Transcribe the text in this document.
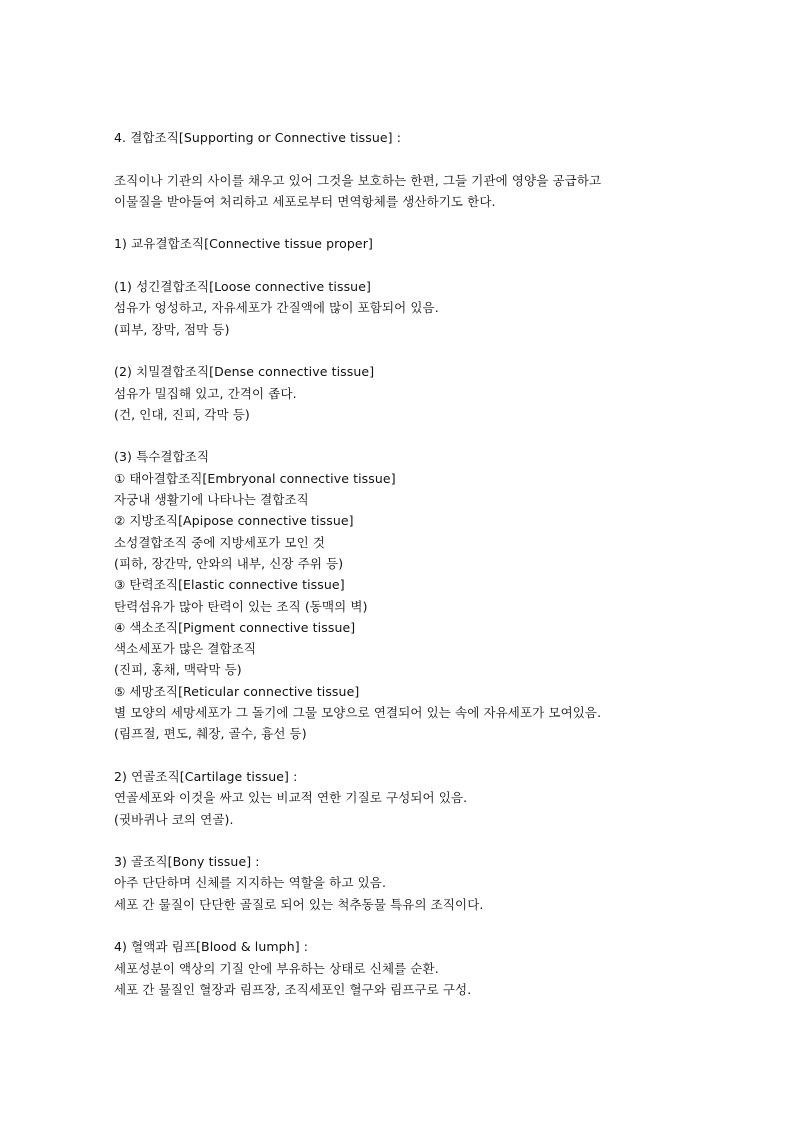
4. 결합조직[Supporting or Connective tissue] :
조직이나 기관의 사이를 채우고 있어 그것을 보호하는 한편, 그들 기관에 영양을 공급하고
이물질을 받아들여 처리하고 세포로부터 면역항체를 생산하기도 한다.
1) 교유결합조직[Connective tissue proper]
(1) 성긴결합조직[Loose connective tissue]
섬유가 엉성하고, 자유세포가 간질액에 많이 포함되어 있음.
(피부, 장막, 점막 등)
(2) 치밀결합조직[Dense connective tissue]
섬유가 밀집해 있고, 간격이 좁다.
(건, 인대, 진피, 각막 등)
(3) 특수결합조직
① 태아결합조직[Embryonal connective tissue]
자궁내 생활기에 나타나는 결합조직
② 지방조직[Apipose connective tissue]
소성결합조직 중에 지방세포가 모인 것
(피하, 장간막, 안와의 내부, 신장 주위 등)
③ 탄력조직[Elastic connective tissue]
탄력섬유가 많아 탄력이 있는 조직 (동맥의 벽)
④ 색소조직[Pigment connective tissue]
색소세포가 많은 결합조직
(진피, 홍채, 맥락막 등)
⑤ 세망조직[Reticular connective tissue]
별 모양의 세망세포가 그 돌기에 그물 모양으로 연결되어 있는 속에 자유세포가 모여있음.
(림프절, 편도, 췌장, 골수, 흉선 등)
2) 연골조직[Cartilage tissue] :
연골세포와 이것을 싸고 있는 비교적 연한 기질로 구성되어 있음.
(귓바퀴나 코의 연골).
3) 골조직[Bony tissue] :
아주 단단하며 신체를 지지하는 역할을 하고 있음.
세포 간 물질이 단단한 골질로 되어 있는 척추동물 특유의 조직이다.
4) 혈액과 림프[Blood & lumph] :
세포성분이 액상의 기질 안에 부유하는 상태로 신체를 순환.
세포 간 물질인 혈장과 림프장, 조직세포인 혈구와 림프구로 구성.
